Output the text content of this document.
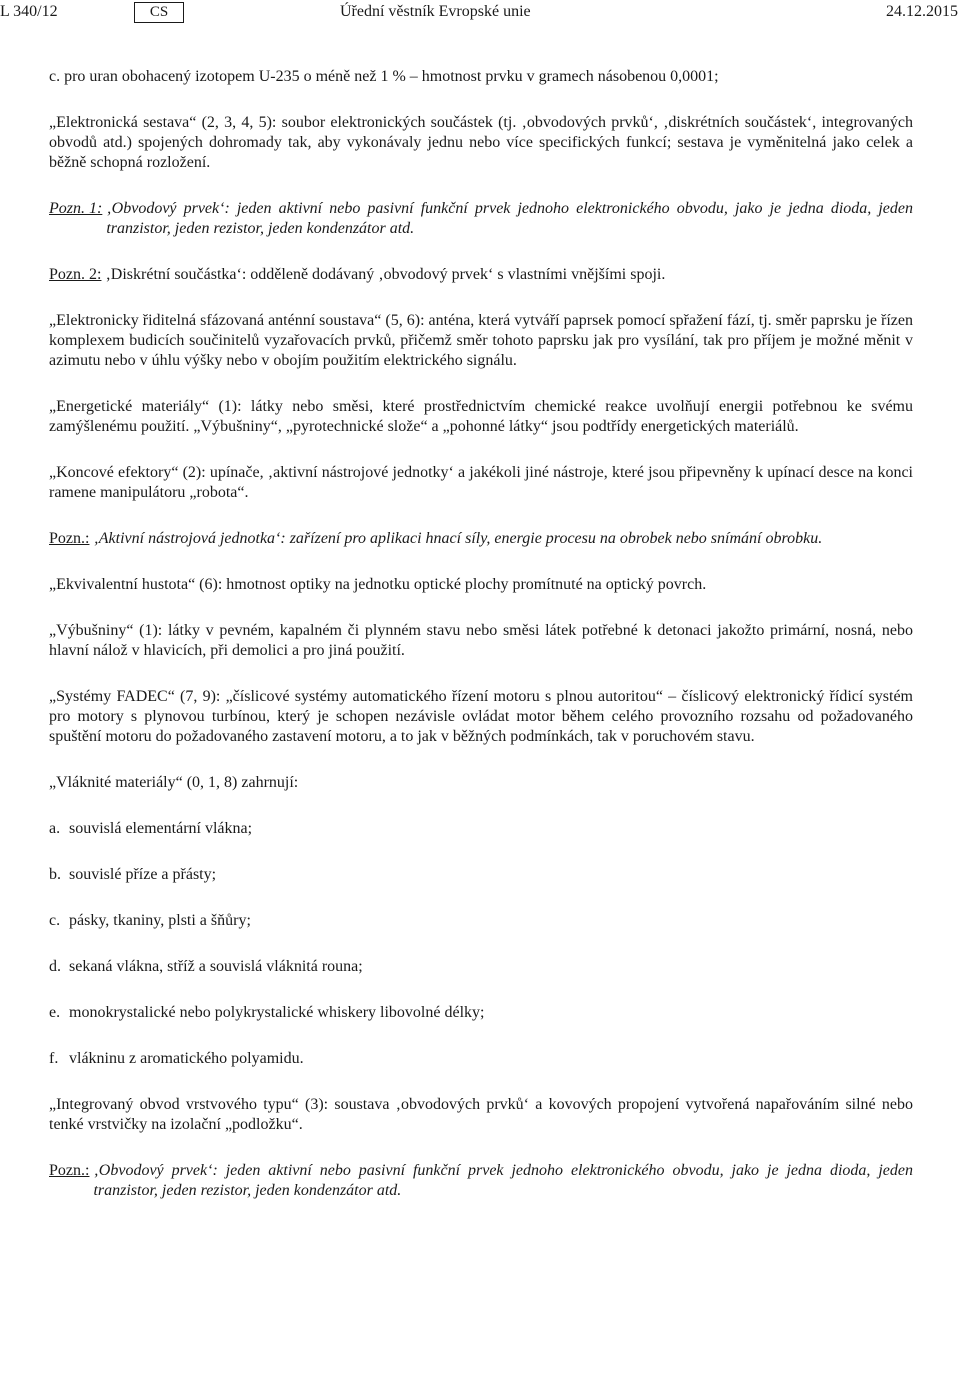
L 340/12	CS	Úřední věstník Evropské unie	24.12.2015

c. pro uran obohacený izotopem U-235 o méně než 1 % – hmotnost prvku v gramech násobenou 0,0001;

„Elektronická sestava“ (2, 3, 4, 5): soubor elektronických součástek (tj. ‚obvodových prvků‘, ‚diskrétních součástek‘, integrovaných obvodů atd.) spojených dohromady tak, aby vykonávaly jednu nebo více specifických funkcí; sestava je vyměnitelná jako celek a běžně schopná rozložení.

Pozn. 1: ‚Obvodový prvek‘: jeden aktivní nebo pasivní funkční prvek jednoho elektronického obvodu, jako je jedna dioda, jeden tranzistor, jeden rezistor, jeden kondenzátor atd.
Pozn. 2: ‚Diskrétní součástka‘: odděleně dodávaný ‚obvodový prvek‘ s vlastními vnějšími spoji.

„Elektronicky řiditelná sfázovaná anténní soustava“ (5, 6): anténa, která vytváří paprsek pomocí spřažení fází, tj. směr paprsku je řízen komplexem budicích součinitelů vyzařovacích prvků, přičemž směr tohoto paprsku jak pro vysílání, tak pro příjem je možné měnit v azimutu nebo v úhlu výšky nebo v obojím použitím elektrického signálu.

„Energetické materiály“ (1): látky nebo směsi, které prostřednictvím chemické reakce uvolňují energii potřebnou ke svému zamýšlenému použití. „Výbušniny“, „pyrotechnické slože“ a „pohonné látky“ jsou podtřídy energetických materiálů.

„Koncové efektory“ (2): upínače, ‚aktivní nástrojové jednotky‘ a jakékoli jiné nástroje, které jsou připevněny k upínací desce na konci ramene manipulátoru „robota“.

Pozn.: ‚Aktivní nástrojová jednotka‘: zařízení pro aplikaci hnací síly, energie procesu na obrobek nebo snímání obrobku.

„Ekvivalentní hustota“ (6): hmotnost optiky na jednotku optické plochy promítnuté na optický povrch.

„Výbušniny“ (1): látky v pevném, kapalném či plynném stavu nebo směsi látek potřebné k detonaci jakožto primární, nosná, nebo hlavní nálož v hlavicích, při demolici a pro jiná použití.

„Systémy FADEC“ (7, 9): „číslicové systémy automatického řízení motoru s plnou autoritou“ – číslicový elektronický řídicí systém pro motory s plynovou turbínou, který je schopen nezávisle ovládat motor během celého provozního rozsahu od požadovaného spuštění motoru do požadovaného zastavení motoru, a to jak v běžných podmínkách, tak v poruchovém stavu.

„Vláknité materiály“ (0, 1, 8) zahrnují:

a. souvislá elementární vlákna;
b. souvislé příze a přásty;
c. pásky, tkaniny, plsti a šňůry;
d. sekaná vlákna, stříž a souvislá vláknitá rouna;
e. monokrystalické nebo polykrystalické whiskery libovolné délky;
f. vlákninu z aromatického polyamidu.

„Integrovaný obvod vrstvového typu“ (3): soustava ‚obvodových prvků‘ a kovových propojení vytvořená napařováním silné nebo tenké vrstvičky na izolační „podložku“.

Pozn.: ‚Obvodový prvek‘: jeden aktivní nebo pasivní funkční prvek jednoho elektronického obvodu, jako je jedna dioda, jeden tranzistor, jeden rezistor, jeden kondenzátor atd.
